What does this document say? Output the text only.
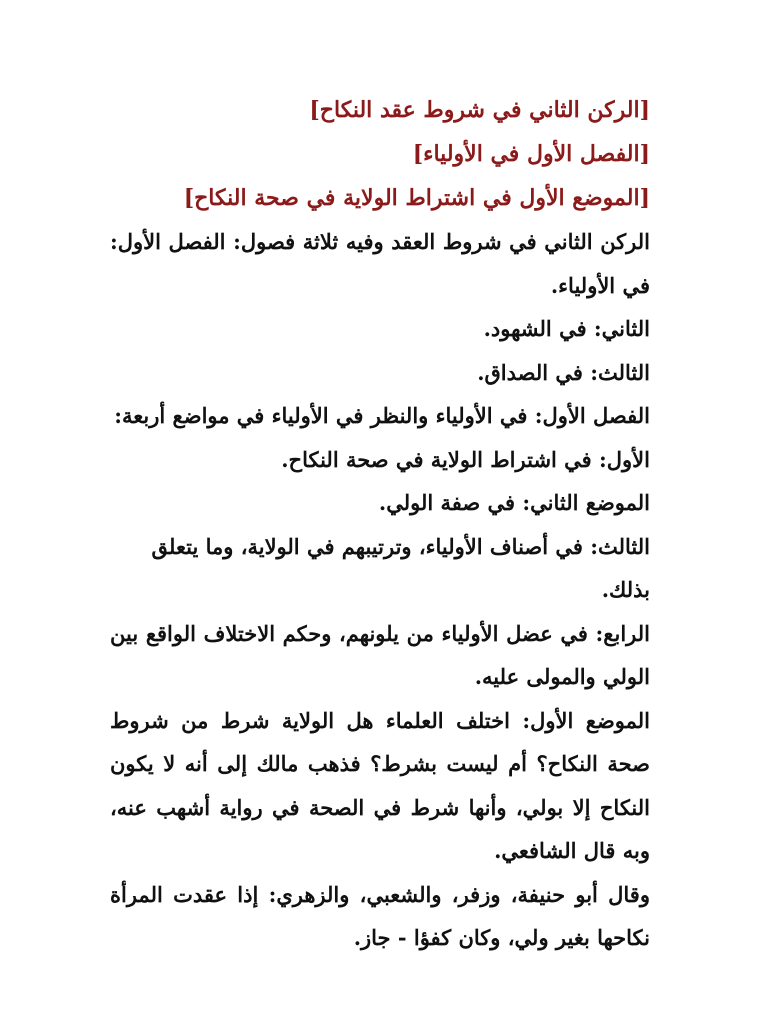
[الركن الثاني في شروط عقد النكاح]

[الفصل الأول في الأولياء]

[الموضع الأول في اشتراط الولاية في صحة النكاح]

الركن الثاني في شروط العقد وفيه ثلاثة فصول: الفصل الأول: في الأولياء.

الثاني: في الشهود.

الثالث: في الصداق.

الفصل الأول: في الأولياء والنظر في الأولياء في مواضع أربعة:

الأول: في اشتراط الولاية في صحة النكاح.

الموضع الثاني: في صفة الولي.

الثالث: في أصناف الأولياء، وترتيبهم في الولاية، وما يتعلق بذلك.

الرابع: في عضل الأولياء من يلونهم، وحكم الاختلاف الواقع بين الولي والمولى عليه.

الموضع الأول: اختلف العلماء هل الولاية شرط من شروط صحة النكاح؟ أم ليست بشرط؟ فذهب مالك إلى أنه لا يكون النكاح إلا بولي، وأنها شرط في الصحة في رواية أشهب عنه، وبه قال الشافعي.

وقال أبو حنيفة، وزفر، والشعبي، والزهري: إذا عقدت المرأة نكاحها بغير ولي، وكان كفؤا - جاز.
